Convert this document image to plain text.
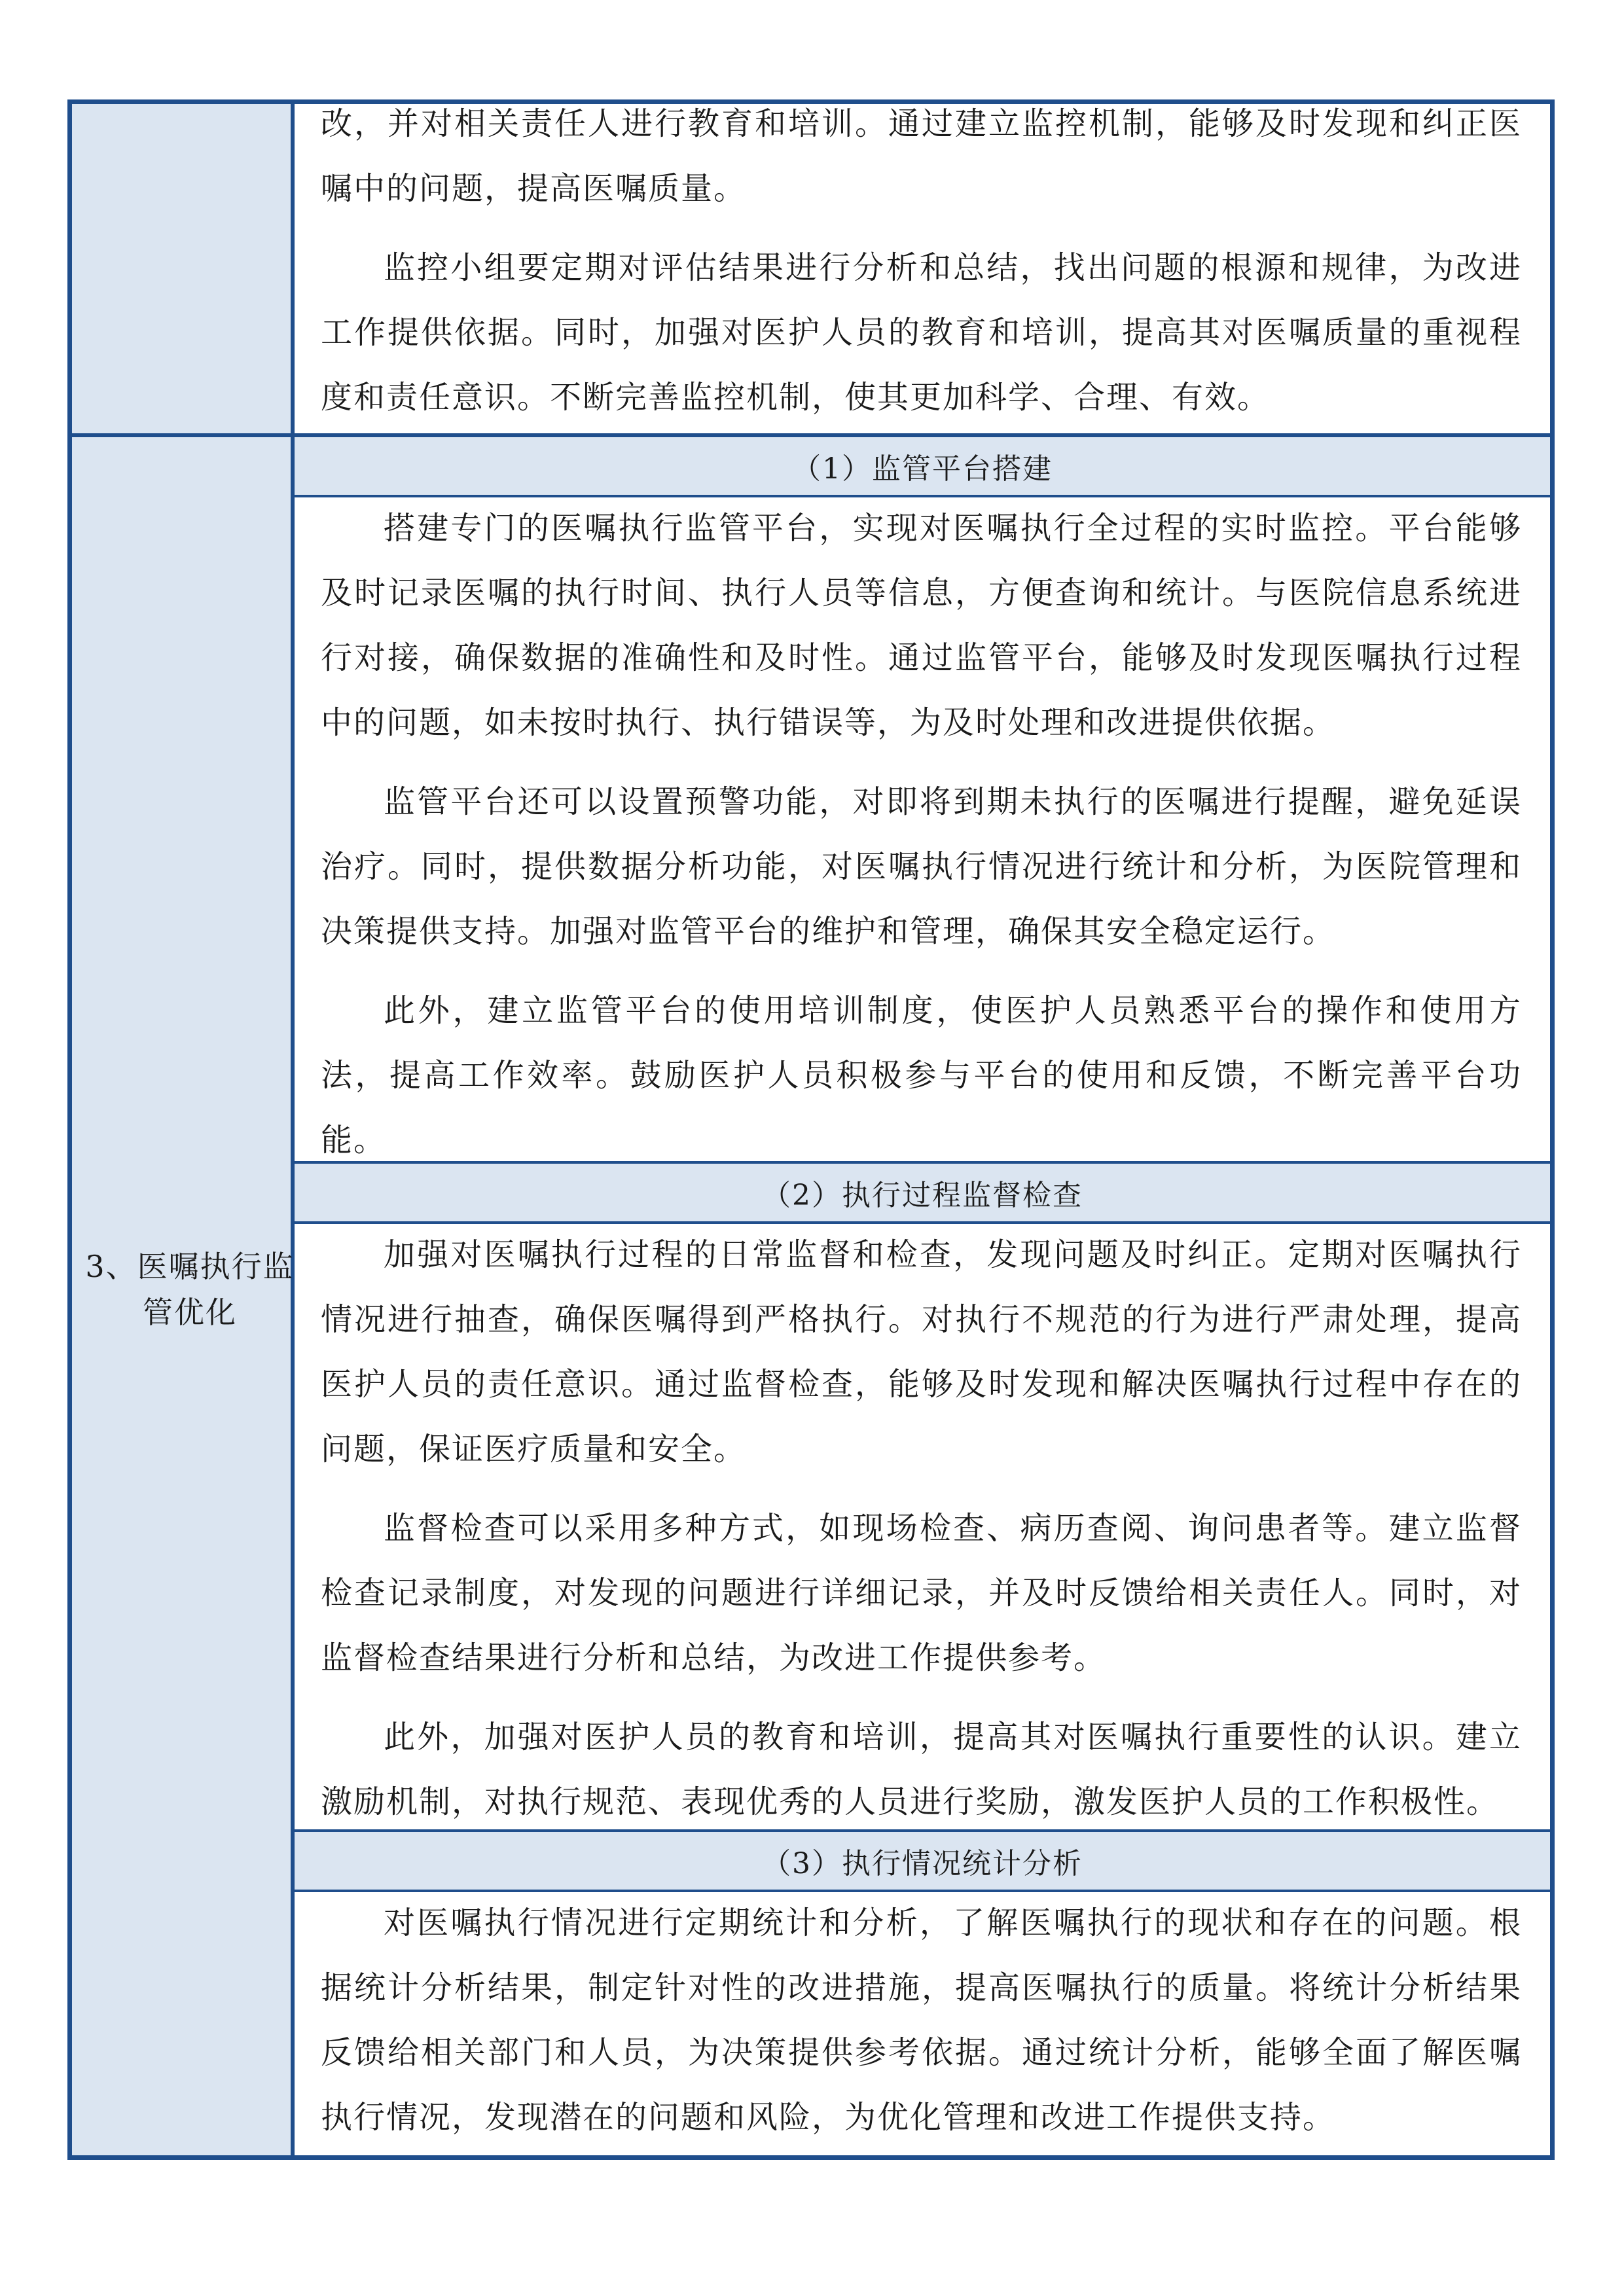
（1）监管平台搭建
（2）执行过程监督检查
（3）执行情况统计分析
3、医嘱执行监管优化

改，并对相关责任人进行教育和培训。通过建立监控机制，能够及时发现和纠正医嘱中的问题，提高医嘱质量。

监控小组要定期对评估结果进行分析和总结，找出问题的根源和规律，为改进工作提供依据。同时，加强对医护人员的教育和培训，提高其对医嘱质量的重视程度和责任意识。不断完善监控机制，使其更加科学、合理、有效。

搭建专门的医嘱执行监管平台，实现对医嘱执行全过程的实时监控。平台能够及时记录医嘱的执行时间、执行人员等信息，方便查询和统计。与医院信息系统进行对接，确保数据的准确性和及时性。通过监管平台，能够及时发现医嘱执行过程中的问题，如未按时执行、执行错误等，为及时处理和改进提供依据。

监管平台还可以设置预警功能，对即将到期未执行的医嘱进行提醒，避免延误治疗。同时，提供数据分析功能，对医嘱执行情况进行统计和分析，为医院管理和决策提供支持。加强对监管平台的维护和管理，确保其安全稳定运行。

此外，建立监管平台的使用培训制度，使医护人员熟悉平台的操作和使用方法，提高工作效率。鼓励医护人员积极参与平台的使用和反馈，不断完善平台功能。

加强对医嘱执行过程的日常监督和检查，发现问题及时纠正。定期对医嘱执行情况进行抽查，确保医嘱得到严格执行。对执行不规范的行为进行严肃处理，提高医护人员的责任意识。通过监督检查，能够及时发现和解决医嘱执行过程中存在的问题，保证医疗质量和安全。

监督检查可以采用多种方式，如现场检查、病历查阅、询问患者等。建立监督检查记录制度，对发现的问题进行详细记录，并及时反馈给相关责任人。同时，对监督检查结果进行分析和总结，为改进工作提供参考。

此外，加强对医护人员的教育和培训，提高其对医嘱执行重要性的认识。建立激励机制，对执行规范、表现优秀的人员进行奖励，激发医护人员的工作积极性。

对医嘱执行情况进行定期统计和分析，了解医嘱执行的现状和存在的问题。根据统计分析结果，制定针对性的改进措施，提高医嘱执行的质量。将统计分析结果反馈给相关部门和人员，为决策提供参考依据。通过统计分析，能够全面了解医嘱执行情况，发现潜在的问题和风险，为优化管理和改进工作提供支持。
